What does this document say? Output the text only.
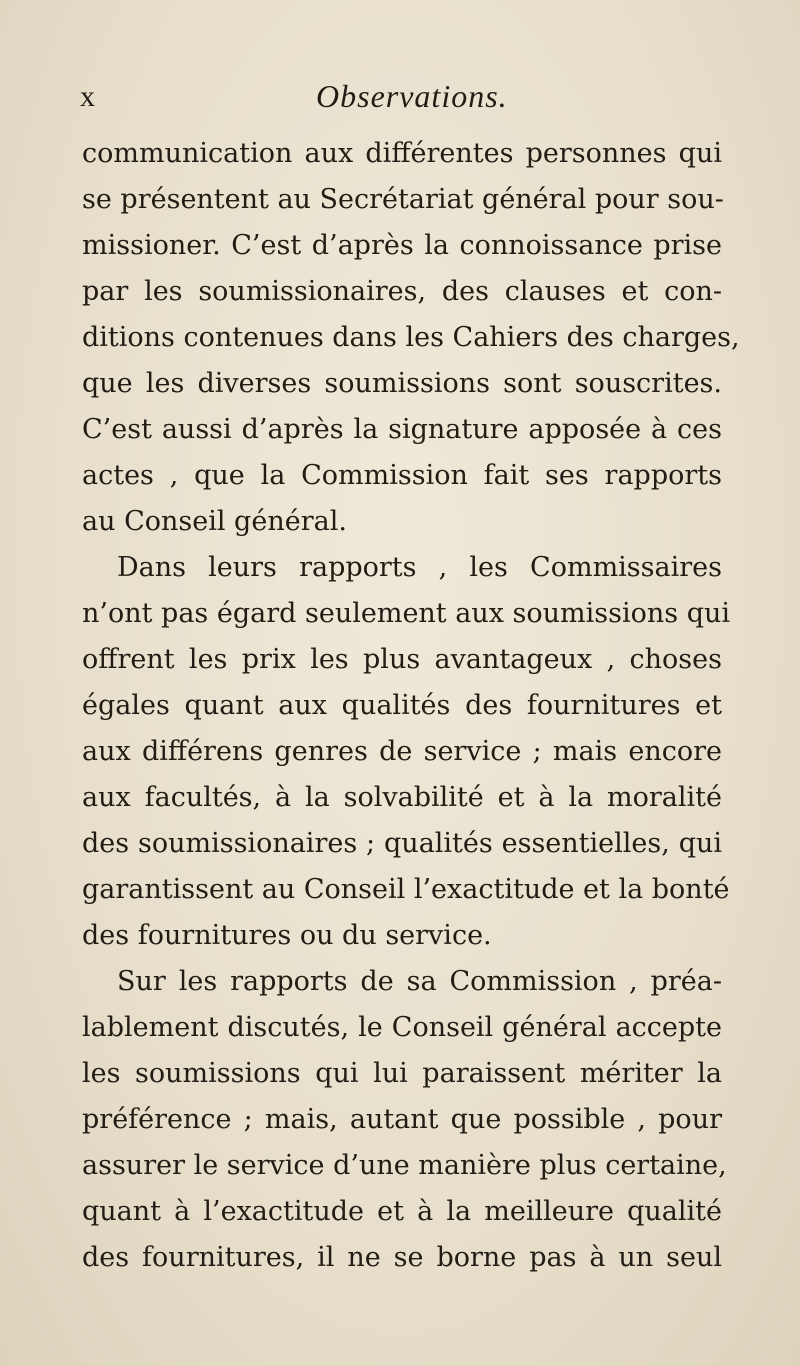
x	Observations.
communication aux différentes personnes qui
se présentent au Secrétariat général pour sou-
missioner. C’est d’après la connoissance prise
par les soumissionaires, des clauses et con-
ditions contenues dans les Cahiers des charges,
que les diverses soumissions sont souscrites.
C’est aussi d’après la signature apposée à ces
actes , que la Commission fait ses rapports
au Conseil général.
Dans leurs rapports , les Commissaires
n’ont pas égard seulement aux soumissions qui
offrent les prix les plus avantageux , choses
égales quant aux qualités des fournitures et
aux différens genres de service ; mais encore
aux facultés, à la solvabilité et à la moralité
des soumissionaires ; qualités essentielles, qui
garantissent au Conseil l’exactitude et la bonté
des fournitures ou du service.
Sur les rapports de sa Commission , préa-
lablement discutés, le Conseil général accepte
les soumissions qui lui paraissent mériter la
préférence ; mais, autant que possible , pour
assurer le service d’une manière plus certaine,
quant à l’exactitude et à la meilleure qualité
des fournitures, il ne se borne pas à un seul
